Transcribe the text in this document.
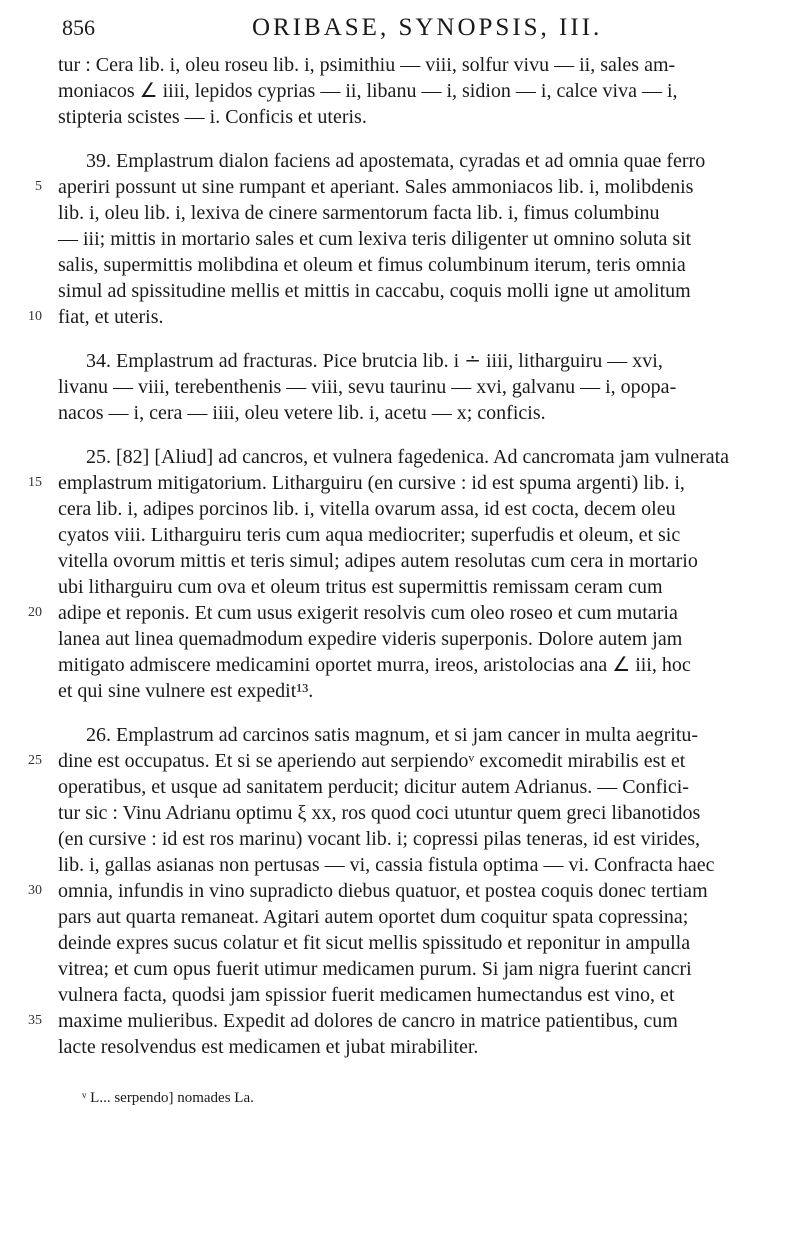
856	ORIBASE, SYNOPSIS, III.
tur : Cera lib. i, oleu roseu lib. i, psimithiu — viii, solfur vivu — ii, sales am-
moniacos ∠ iiii, lepidos cyprias — ii, libanu — i, sidion — i, calce viva — i,
stipteria scistes — i. Conficis et uteris.
39. Emplastrum dialon faciens ad apostemata, cyradas et ad omnia quae ferro
5 aperiri possunt ut sine rumpant et aperiant. Sales ammoniacos lib. i, molibdenis
lib. i, oleu lib. i, lexiva de cinere sarmentorum facta lib. i, fimus columbinu
— iii; mittis in mortario sales et cum lexiva teris diligenter ut omnino soluta sit
salis, supermittis molibdina et oleum et fimus columbinum iterum, teris omnia
simul ad spissitudine mellis et mittis in caccabu, coquis molli igne ut amolitum
10 fiat, et uteris.
34. Emplastrum ad fracturas. Pice brutcia lib. i ∸ iiii, litharguiru — xvi,
livanu — viii, terebenthenis — viii, sevu taurinu — xvi, galvanu — i, opopa-
nacos — i, cera — iiii, oleu vetere lib. i, acetu — x; conficis.
25. [82] [Aliud] ad cancros, et vulnera fagedenica. Ad cancromata jam vulnerata
15 emplastrum mitigatorium. Litharguiru (en cursive : id est spuma argenti) lib. i,
cera lib. i, adipes porcinos lib. i, vitella ovarum assa, id est cocta, decem oleu
cyatos viii. Litharguiru teris cum aqua mediocriter; superfudis et oleum, et sic
vitella ovorum mittis et teris simul; adipes autem resolutas cum cera in mortario
ubi litharguiru cum ova et oleum tritus est supermittis remissam ceram cum
20 adipe et reponis. Et cum usus exigerit resolvis cum oleo roseo et cum mutaria
lanea aut linea quemadmodum expedire videris superponis. Dolore autem jam
mitigato admiscere medicamini oportet murra, ireos, aristolocias ana ∠ iii, hoc
et qui sine vulnere est expedit¹³.
26. Emplastrum ad carcinos satis magnum, et si jam cancer in multa aegritu-
25 dine est occupatus. Et si se aperiendo aut serpiendoᵛ excomedit mirabilis est et
operatibus, et usque ad sanitatem perducit; dicitur autem Adrianus. — Confici-
tur sic : Vinu Adrianu optimu ξ xx, ros quod coci utuntur quem greci libanotidos
(en cursive : id est ros marinu) vocant lib. i; copressi pilas teneras, id est virides,
lib. i, gallas asianas non pertusas — vi, cassia fistula optima — vi. Confracta haec
30 omnia, infundis in vino supradicto diebus quatuor, et postea coquis donec tertiam
pars aut quarta remaneat. Agitari autem oportet dum coquitur spata copressina;
deinde expres sucus colatur et fit sicut mellis spissitudo et reponitur in ampulla
vitrea; et cum opus fuerit utimur medicamen purum. Si jam nigra fuerint cancri
vulnera facta, quodsi jam spissior fuerit medicamen humectandus est vino, et
35 maxime mulieribus. Expedit ad dolores de cancro in matrice patientibus, cum
lacte resolvendus est medicamen et jubat mirabiliter.
ᵛ L... serpendo] nomades La.
